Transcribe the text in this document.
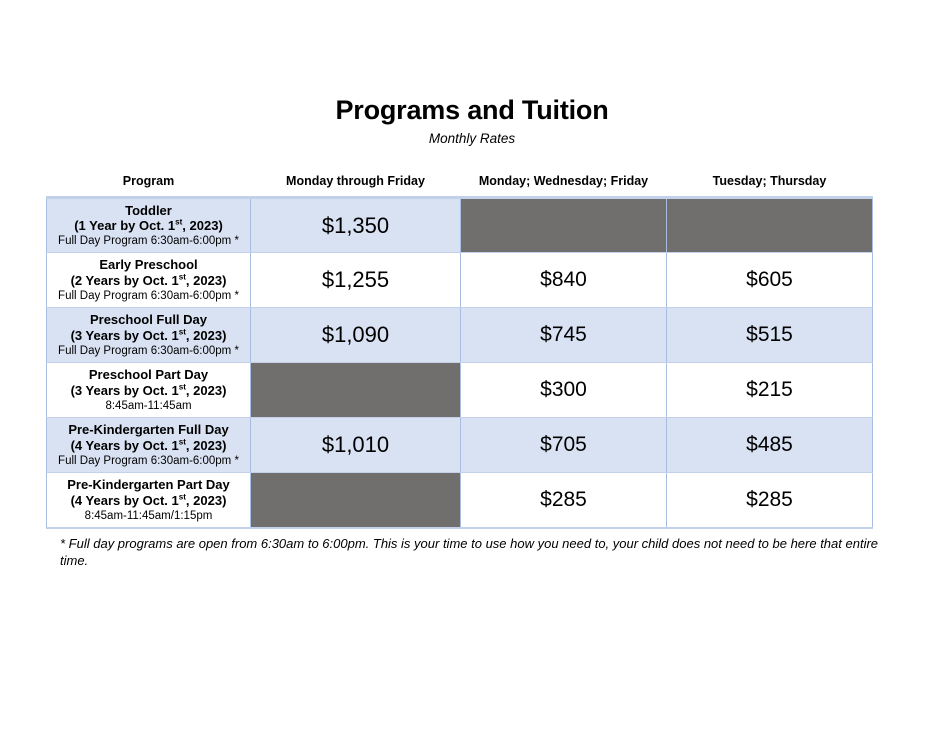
Programs and Tuition
Monthly Rates
Program	Monday through Friday	Monday; Wednesday; Friday	Tuesday; Thursday

Toddler
(1 Year by Oct. 1st, 2023)
Full Day Program 6:30am-6:00pm *	$1,350		

Early Preschool
(2 Years by Oct. 1st, 2023)
Full Day Program 6:30am-6:00pm *	$1,255	$840	$605

Preschool Full Day
(3 Years by Oct. 1st, 2023)
Full Day Program 6:30am-6:00pm *	$1,090	$745	$515

Preschool Part Day
(3 Years by Oct. 1st, 2023)
8:45am-11:45am		$300	$215

Pre-Kindergarten Full Day
(4 Years by Oct. 1st, 2023)
Full Day Program 6:30am-6:00pm *	$1,010	$705	$485

Pre-Kindergarten Part Day
(4 Years by Oct. 1st, 2023)
8:45am-11:45am/1:15pm		$285	$285
* Full day programs are open from 6:30am to 6:00pm. This is your time to use how you need to, your child does not need to be here that entire time.
